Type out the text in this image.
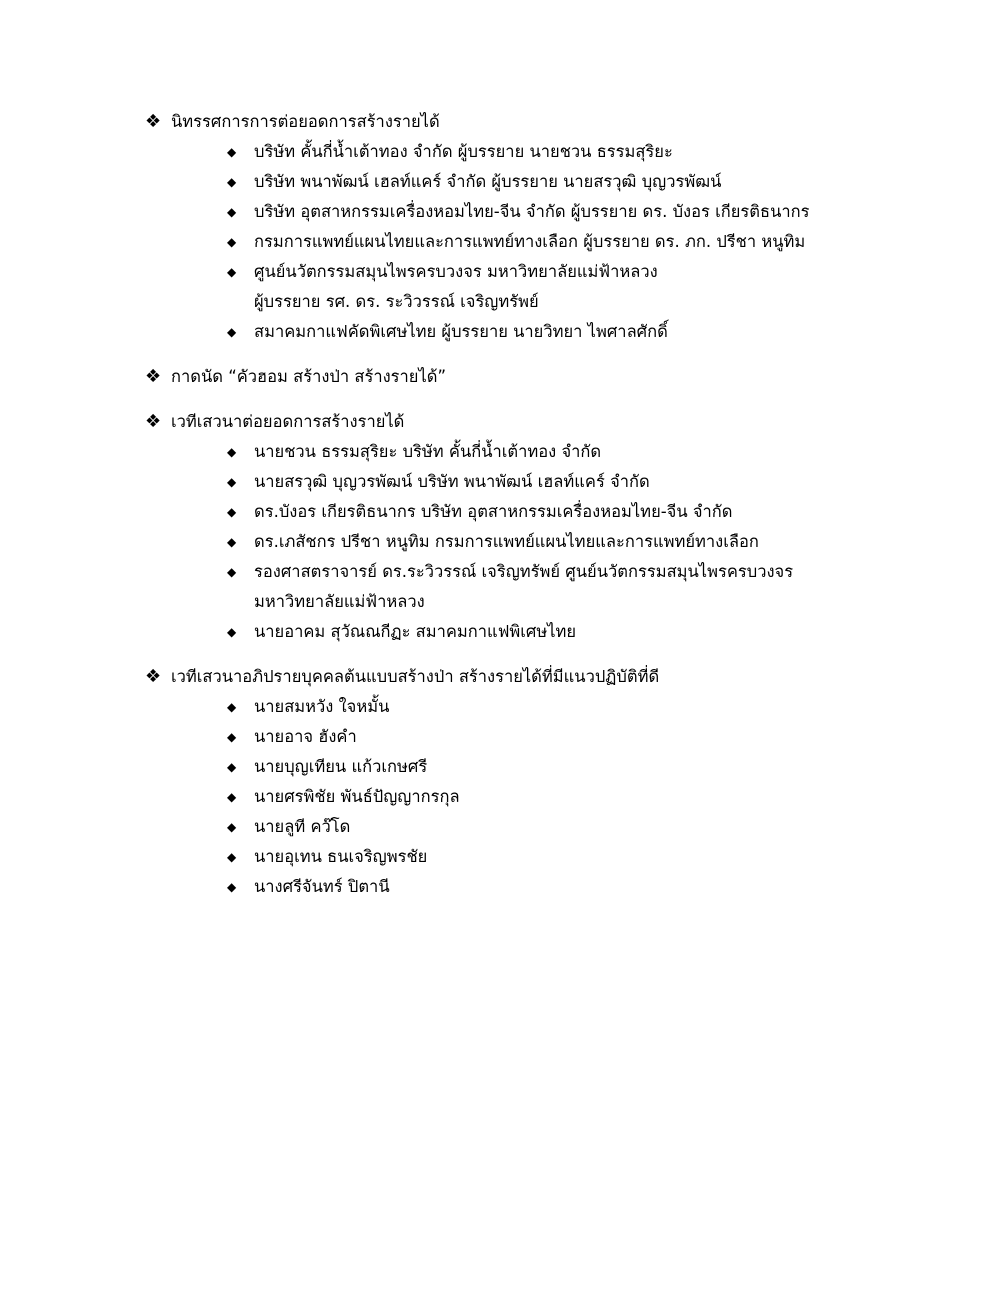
❖ นิทรรศการการต่อยอดการสร้างรายได้
◆	บริษัท คั้นกี่น้ำเต้าทอง จำกัด ผู้บรรยาย นายชวน ธรรมสุริยะ
◆	บริษัท พนาพัฒน์ เฮลท์แคร์ จำกัด ผู้บรรยาย นายสรวุฒิ บุญวรพัฒน์
◆	บริษัท อุตสาหกรรมเครื่องหอมไทย-จีน จำกัด ผู้บรรยาย ดร. บังอร เกียรติธนากร
◆	กรมการแพทย์แผนไทยและการแพทย์ทางเลือก ผู้บรรยาย ดร. ภก. ปรีชา หนูทิม
◆	ศูนย์นวัตกรรมสมุนไพรครบวงจร มหาวิทยาลัยแม่ฟ้าหลวง
ผู้บรรยาย รศ. ดร. ระวิวรรณ์ เจริญทรัพย์
◆	สมาคมกาแฟคัดพิเศษไทย ผู้บรรยาย นายวิทยา ไพศาลศักดิ์
❖ กาดนัด “คัวฮอม สร้างป่า สร้างรายได้”
❖ เวทีเสวนาต่อยอดการสร้างรายได้
◆	นายชวน ธรรมสุริยะ บริษัท คั้นกี่น้ำเต้าทอง จำกัด
◆	นายสรวุฒิ บุญวรพัฒน์ บริษัท พนาพัฒน์ เฮลท์แคร์ จำกัด
◆	ดร.บังอร เกียรติธนากร บริษัท อุตสาหกรรมเครื่องหอมไทย-จีน จำกัด
◆	ดร.เภสัชกร ปรีชา หนูทิม กรมการแพทย์แผนไทยและการแพทย์ทางเลือก
◆	รองศาสตราจารย์ ดร.ระวิวรรณ์ เจริญทรัพย์ ศูนย์นวัตกรรมสมุนไพรครบวงจร
มหาวิทยาลัยแม่ฟ้าหลวง
◆	นายอาคม สุวัณณกีฏะ สมาคมกาแฟพิเศษไทย
❖ เวทีเสวนาอภิปรายบุคคลต้นแบบสร้างป่า สร้างรายได้ที่มีแนวปฏิบัติที่ดี
◆	นายสมหวัง ใจหมั้น
◆	นายอาจ ฮังคำ
◆	นายบุญเทียน แก้วเกษศรี
◆	นายศรพิชัย พันธ์ปัญญากรกุล
◆	นายลูที คว๊โด
◆	นายอุเทน ธนเจริญพรชัย
◆	นางศรีจันทร์ ปิตานี
